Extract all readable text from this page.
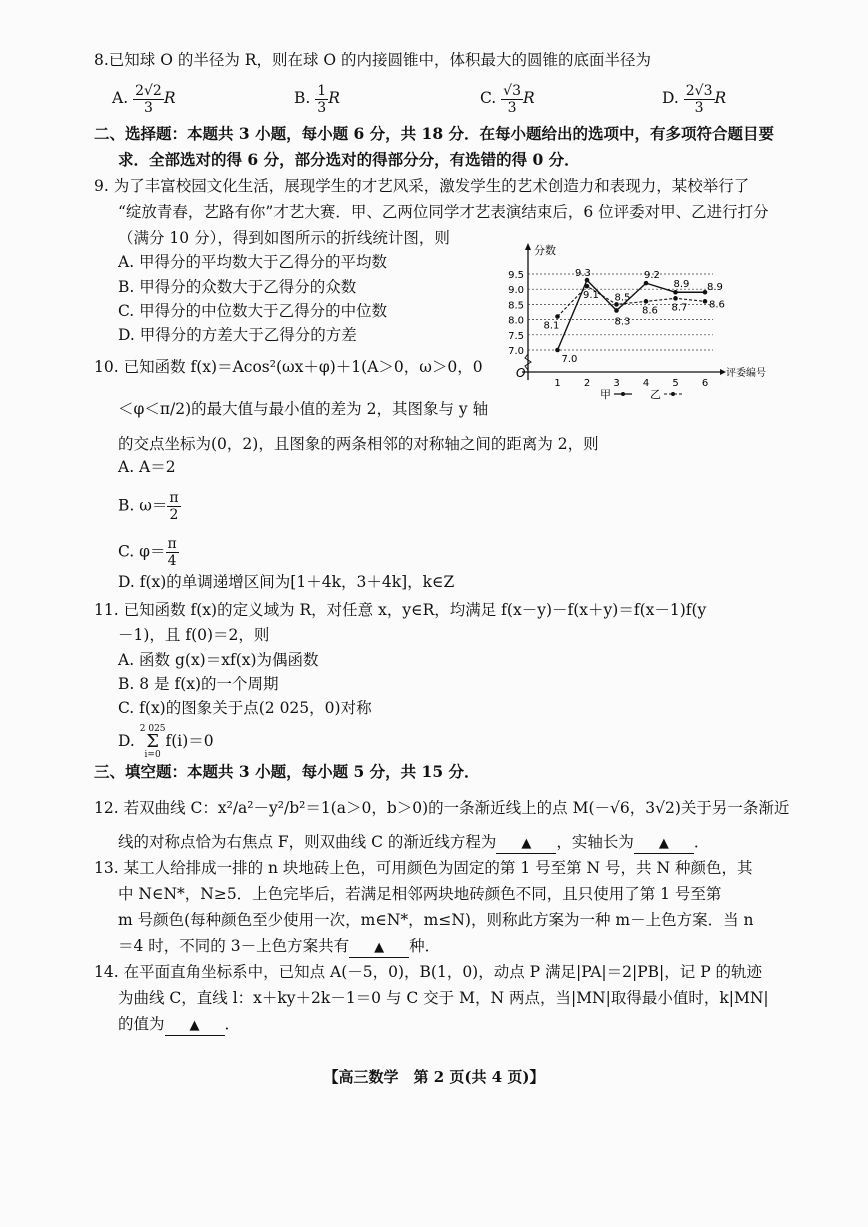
8.已知球 O 的半径为 R，则在球 O 的内接圆锥中，体积最大的圆锥的底面半径为
A. $\frac{2√2}{3}$ R	B. $\frac{1}{3}$ R	C. $\frac{√3}{3}$ R	D. $\frac{2√3}{3}$ R
二、选择题：本题共 3 小题，每小题 6 分，共 18 分．在每小题给出的选项中，有多项符合题目要
求．全部选对的得 6 分，部分选对的得部分分，有选错的得 0 分．
9. 为了丰富校园文化生活，展现学生的才艺风采，激发学生的艺术创造力和表现力，某校举行了
“绽放青春，艺路有你”才艺大赛．甲、乙两位同学才艺表演结束后，6 位评委对甲、乙进行打分
（满分 10 分），得到如图所示的折线统计图，则
A. 甲得分的平均数大于乙得分的平均数
B. 甲得分的众数大于乙得分的众数
C. 甲得分的中位数大于乙得分的中位数
D. 甲得分的方差大于乙得分的方差
分数
评委编号
O
7.0
7.5
8.0
8.5
9.0
9.5
1 2 3 4 5 6
7.0
9.3
8.3
9.2
8.9 8.9
8.1
9.1 8.5
8.6 8.7 8.6
甲	乙
10. 已知函数 f(x)＝Acos²(ωx＋φ)＋1(A＞0，ω＞0，0
＜φ＜π/2)的最大值与最小值的差为 2，其图象与 y 轴
的交点坐标为(0，2)，且图象的两条相邻的对称轴之间的距离为 2，则
A. A＝2
B. $\omega= \frac{\pi}{2}$
C. $\varphi= \frac{\pi}{4}$
D. f(x)的单调递增区间为[1＋4k，3＋4k]，k∈Z
11. 已知函数 f(x)的定义域为 R，对任意 x，y∈R，均满足 f(x－y)－f(x＋y)＝f(x－1)f(y
－1)，且 f(0)＝2，则
A. 函数 g(x)＝xf(x)为偶函数
B. 8 是 f(x)的一个周期
C. f(x)的图象关于点(2 025，0)对称
D. 2 025
Σ
i=0f(i)＝0
三、填空题：本题共 3 小题，每小题 5 分，共 15 分．
12. 若双曲线 C：x²/a²－y²/b²＝1(a＞0，b＞0)的一条渐近线上的点 M(－√6，3√2)关于另一条渐近
线的对称点恰为右焦点 F，则双曲线 C 的渐近线方程为 ▲ ，实轴长为 ▲ ．
13. 某工人给排成一排的 n 块地砖上色，可用颜色为固定的第 1 号至第 N 号，共 N 种颜色，其
中 N∈N*，N≥5．上色完毕后，若满足相邻两块地砖颜色不同，且只使用了第 1 号至第
m 号颜色(每种颜色至少使用一次，m∈N*，m≤N)，则称此方案为一种 m－上色方案．当 n
＝4 时，不同的 3－上色方案共有 ▲ 种．
14. 在平面直角坐标系中，已知点 A(－5，0)，B(1，0)，动点 P 满足|PA|＝2|PB|，记 P 的轨迹
为曲线 C，直线 l：x＋ky＋2k－1＝0 与 C 交于 M，N 两点，当|MN|取得最小值时，k|MN|
的值为 ▲ ．
【高三数学　第 2 页(共 4 页)】
